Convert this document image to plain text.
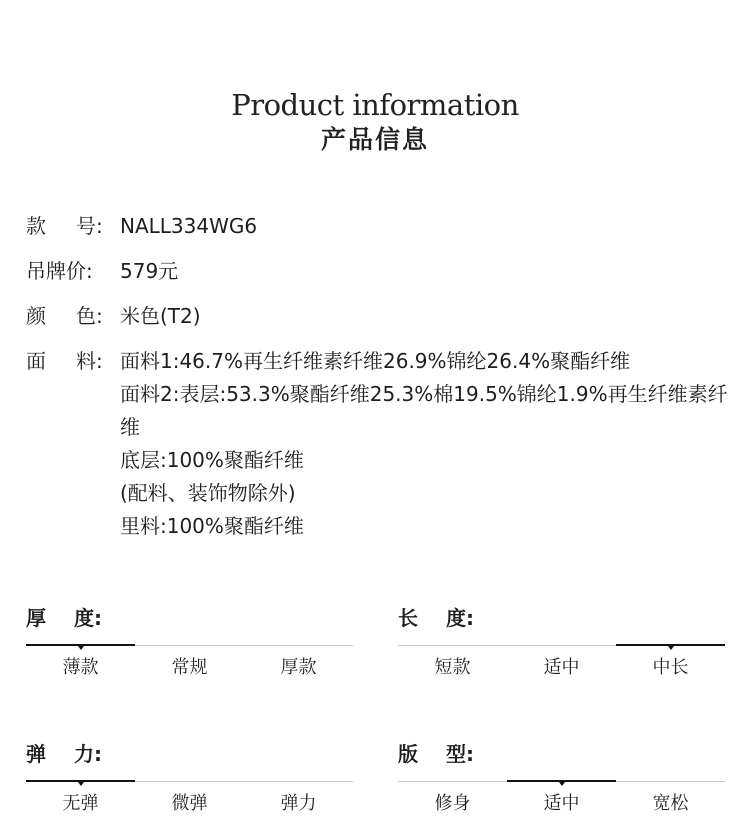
Product information
产品信息
款 号: NALL334WG6
吊牌价:	579元
颜 色: 米色(T2)
面 料: 面料1:46.7%再生纤维素纤维26.9%锦纶26.4%聚酯纤维
面料2:表层:53.3%聚酯纤维25.3%棉19.5%锦纶1.9%再生纤维素纤维
底层:100%聚酯纤维
(配料、装饰物除外)
里料:100%聚酯纤维
厚 度:
薄款	常规	厚款
长 度:
短款	适中	中长
弹 力:
无弹	微弹	弹力
版 型:
修身	适中	宽松
